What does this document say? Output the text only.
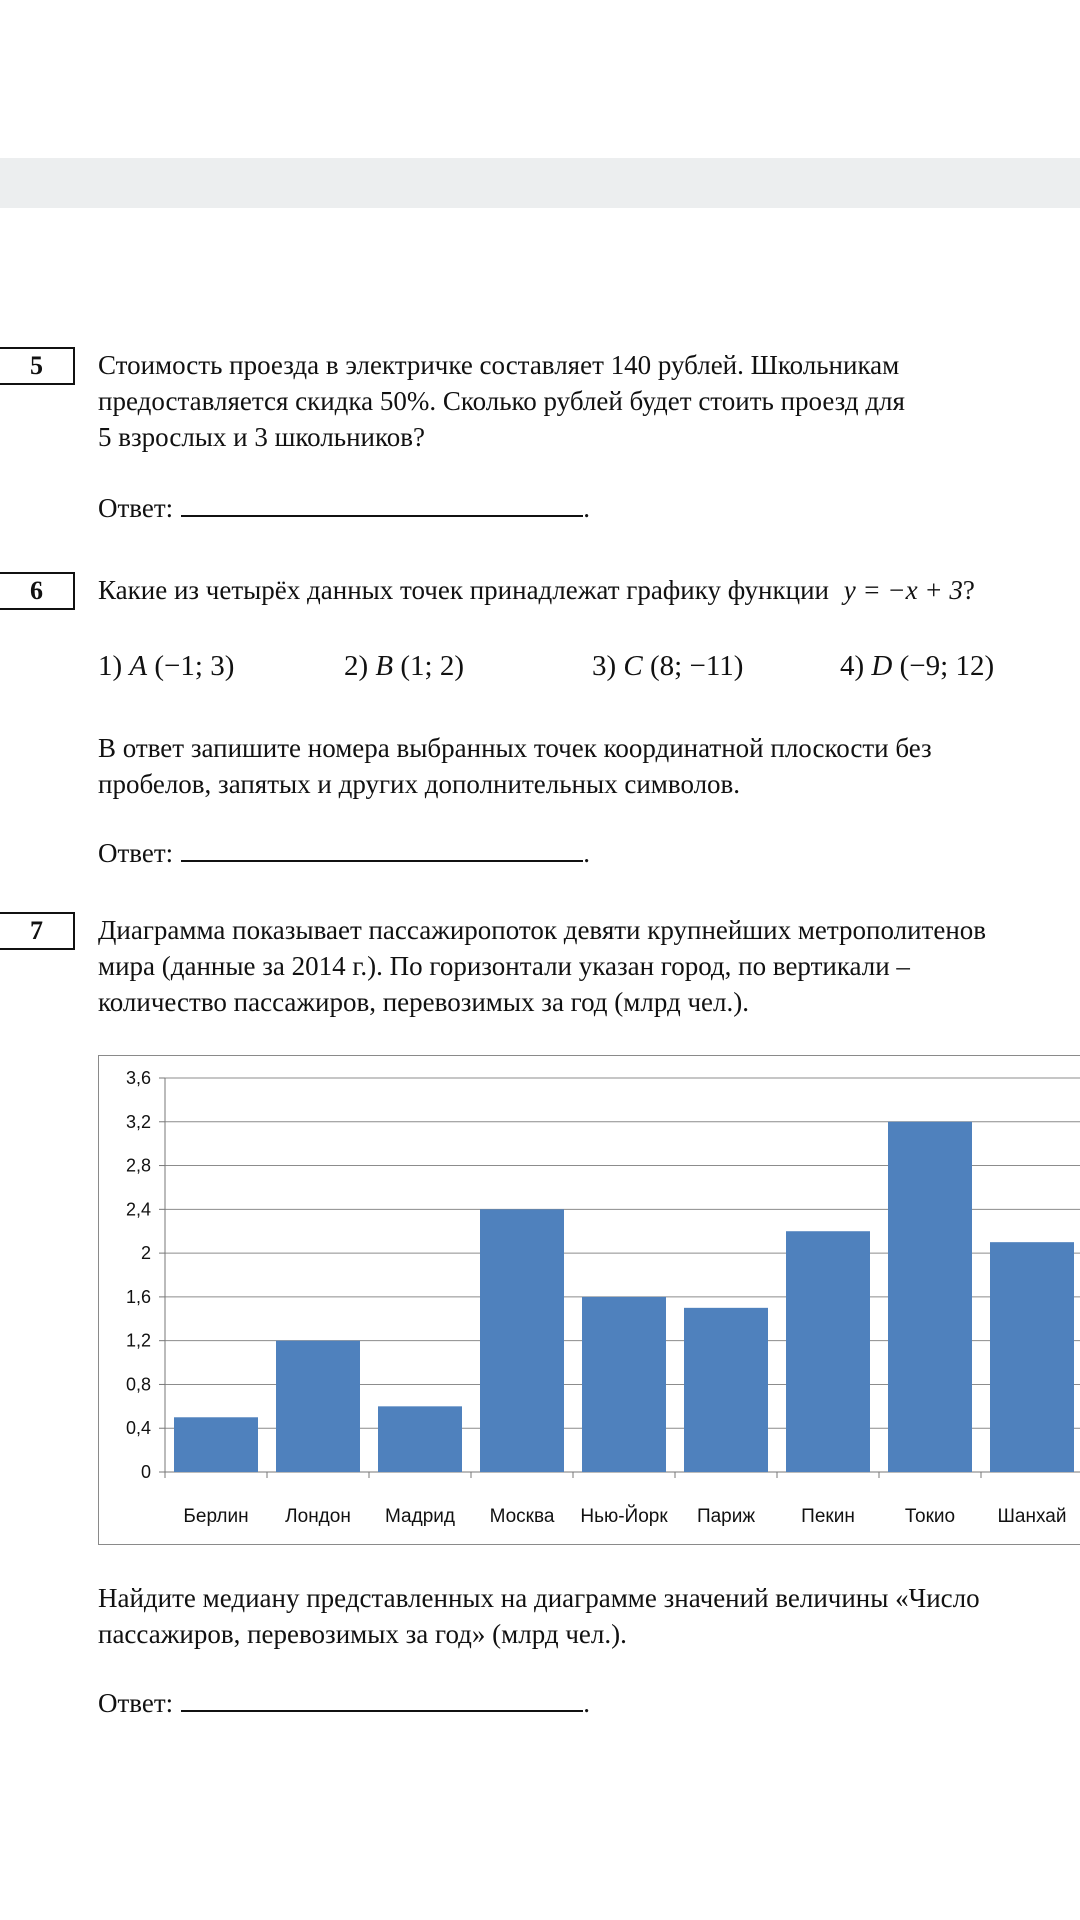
5	Стоимость проезда в электричке составляет 140 рублей. Школьникам
предоставляется скидка 50%. Сколько рублей будет стоить проезд для
5 взрослых и 3 школьников?
Ответ:	.
6	Какие из четырёх данных точек принадлежат графику функции y = −x + 3?
1) A (−1; 3)	2) B (1; 2)	3) C (8; −11)	4) D (−9; 12)
В ответ запишите номера выбранных точек координатной плоскости без
пробелов, запятых и других дополнительных символов.
Ответ:	.
7	Диаграмма показывает пассажиропоток девяти крупнейших метрополитенов
мира (данные за 2014 г.). По горизонтали указан город, по вертикали –
количество пассажиров, перевозимых за год (млрд чел.).
0
0,4
0,8
1,2
1,6
2
2,4
2,8
3,2
3,6
Берлин Лондон Мадрид Москва Нью-Йорк Париж Пекин	Токио Шанхай
Найдите медиану представленных на диаграмме значений величины «Число
пассажиров, перевозимых за год» (млрд чел.).
Ответ:	.
